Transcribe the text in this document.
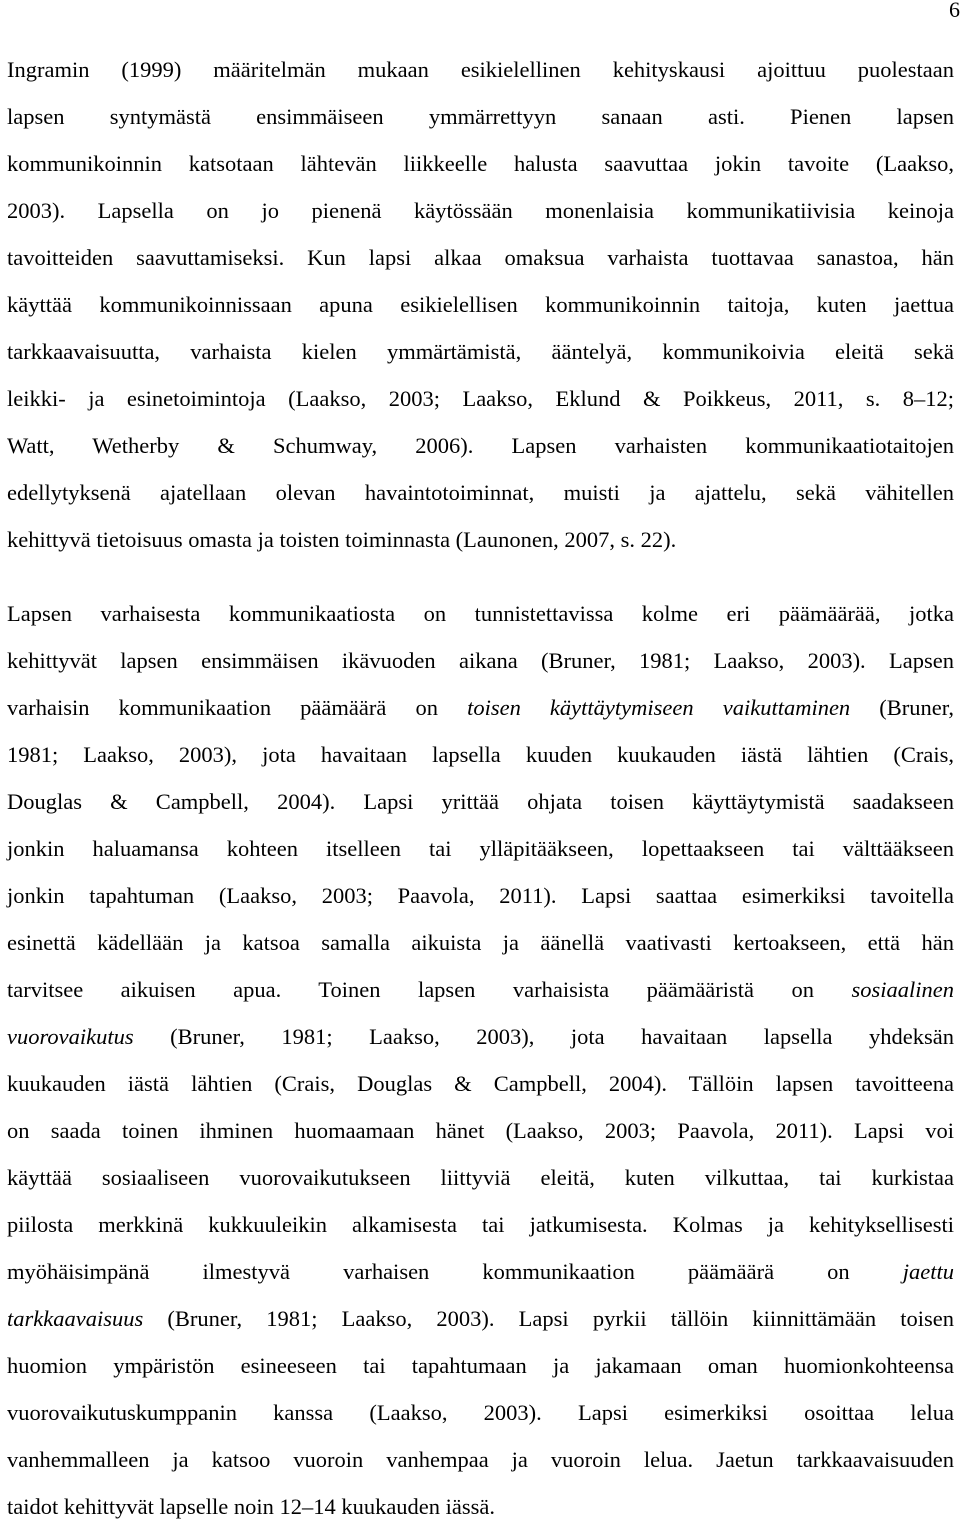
6
Ingramin (1999) määritelmän mukaan esikielellinen kehityskausi ajoittuu puolestaan
lapsen syntymästä ensimmäiseen ymmärrettyyn sanaan asti. Pienen lapsen
kommunikoinnin katsotaan lähtevän liikkeelle halusta saavuttaa jokin tavoite (Laakso,
2003). Lapsella on jo pienenä käytössään monenlaisia kommunikatiivisia keinoja
tavoitteiden saavuttamiseksi. Kun lapsi alkaa omaksua varhaista tuottavaa sanastoa, hän
käyttää kommunikoinnissaan apuna esikielellisen kommunikoinnin taitoja, kuten jaettua
tarkkaavaisuutta, varhaista kielen ymmärtämistä, ääntelyä, kommunikoivia eleitä sekä
leikki- ja esinetoimintoja (Laakso, 2003; Laakso, Eklund & Poikkeus, 2011, s. 8–12;
Watt, Wetherby & Schumway, 2006). Lapsen varhaisten kommunikaatiotaitojen
edellytyksenä ajatellaan olevan havaintotoiminnat, muisti ja ajattelu, sekä vähitellen
kehittyvä tietoisuus omasta ja toisten toiminnasta (Launonen, 2007, s. 22).
Lapsen varhaisesta kommunikaatiosta on tunnistettavissa kolme eri päämäärää, jotka
kehittyvät lapsen ensimmäisen ikävuoden aikana (Bruner, 1981; Laakso, 2003). Lapsen
varhaisin kommunikaation päämäärä on toisen käyttäytymiseen vaikuttaminen (Bruner,
1981; Laakso, 2003), jota havaitaan lapsella kuuden kuukauden iästä lähtien (Crais,
Douglas & Campbell, 2004). Lapsi yrittää ohjata toisen käyttäytymistä saadakseen
jonkin haluamansa kohteen itselleen tai ylläpitääkseen, lopettaakseen tai välttääkseen
jonkin tapahtuman (Laakso, 2003; Paavola, 2011). Lapsi saattaa esimerkiksi tavoitella
esinettä kädellään ja katsoa samalla aikuista ja äänellä vaativasti kertoakseen, että hän
tarvitsee aikuisen apua. Toinen lapsen varhaisista päämääristä on sosiaalinen
vuorovaikutus (Bruner, 1981; Laakso, 2003), jota havaitaan lapsella yhdeksän
kuukauden iästä lähtien (Crais, Douglas & Campbell, 2004). Tällöin lapsen tavoitteena
on saada toinen ihminen huomaamaan hänet (Laakso, 2003; Paavola, 2011). Lapsi voi
käyttää sosiaaliseen vuorovaikutukseen liittyviä eleitä, kuten vilkuttaa, tai kurkistaa
piilosta merkkinä kukkuuleikin alkamisesta tai jatkumisesta. Kolmas ja kehityksellisesti
myöhäisimpänä ilmestyvä varhaisen kommunikaation päämäärä on jaettu
tarkkaavaisuus (Bruner, 1981; Laakso, 2003). Lapsi pyrkii tällöin kiinnittämään toisen
huomion ympäristön esineeseen tai tapahtumaan ja jakamaan oman huomionkohteensa
vuorovaikutuskumppanin kanssa (Laakso, 2003). Lapsi esimerkiksi osoittaa lelua
vanhemmalleen ja katsoo vuoroin vanhempaa ja vuoroin lelua. Jaetun tarkkaavaisuuden
taidot kehittyvät lapselle noin 12–14 kuukauden iässä.
